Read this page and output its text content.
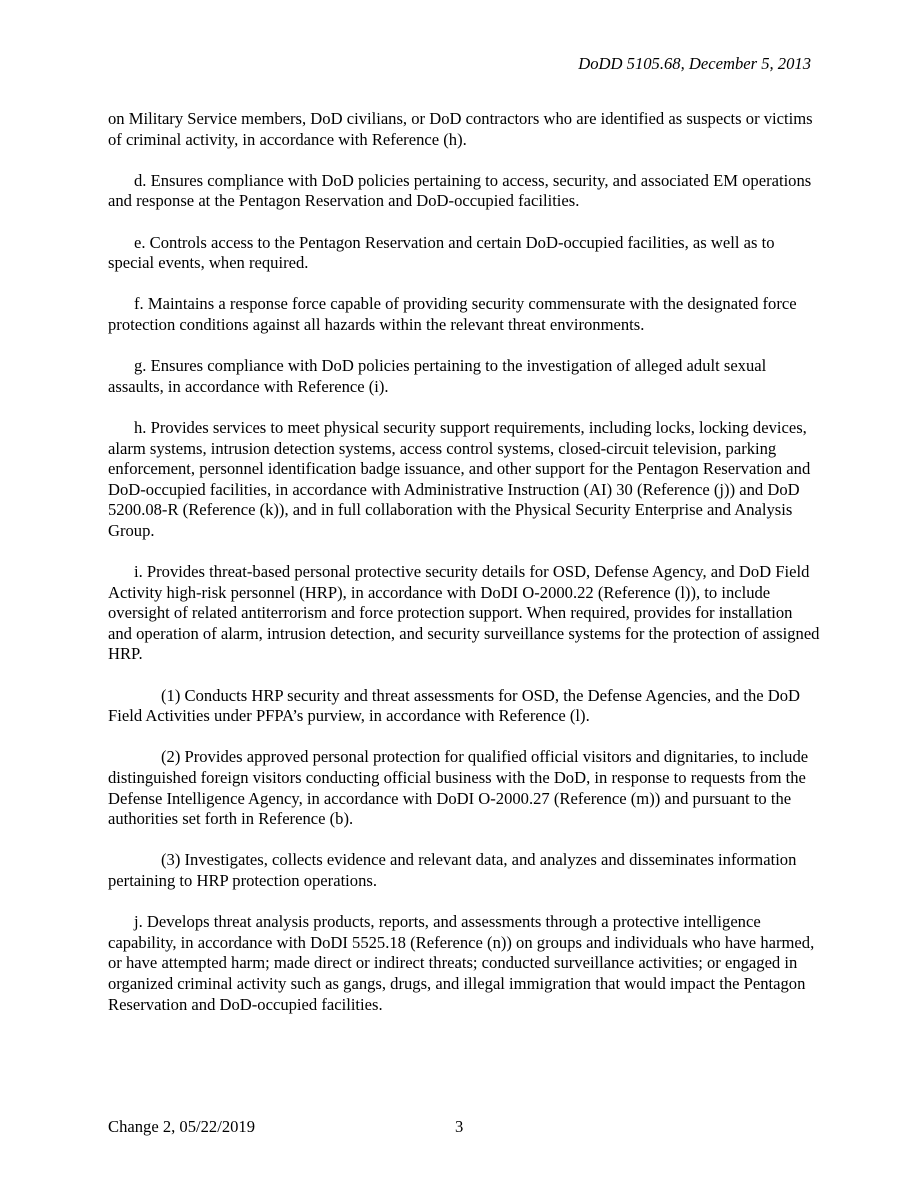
DoDD 5105.68, December 5, 2013

on Military Service members, DoD civilians, or DoD contractors who are identified as suspects or victims of criminal activity, in accordance with Reference (h).

d. Ensures compliance with DoD policies pertaining to access, security, and associated EM operations and response at the Pentagon Reservation and DoD-occupied facilities.

e. Controls access to the Pentagon Reservation and certain DoD-occupied facilities, as well as to special events, when required.

f. Maintains a response force capable of providing security commensurate with the designated force protection conditions against all hazards within the relevant threat environments.

g. Ensures compliance with DoD policies pertaining to the investigation of alleged adult sexual assaults, in accordance with Reference (i).

h. Provides services to meet physical security support requirements, including locks, locking devices, alarm systems, intrusion detection systems, access control systems, closed-circuit television, parking enforcement, personnel identification badge issuance, and other support for the Pentagon Reservation and DoD-occupied facilities, in accordance with Administrative Instruction (AI) 30 (Reference (j)) and DoD 5200.08-R (Reference (k)), and in full collaboration with the Physical Security Enterprise and Analysis Group.

i. Provides threat-based personal protective security details for OSD, Defense Agency, and DoD Field Activity high-risk personnel (HRP), in accordance with DoDI O-2000.22 (Reference (l)), to include oversight of related antiterrorism and force protection support. When required, provides for installation and operation of alarm, intrusion detection, and security surveillance systems for the protection of assigned HRP.

(1) Conducts HRP security and threat assessments for OSD, the Defense Agencies, and the DoD Field Activities under PFPA’s purview, in accordance with Reference (l).

(2) Provides approved personal protection for qualified official visitors and dignitaries, to include distinguished foreign visitors conducting official business with the DoD, in response to requests from the Defense Intelligence Agency, in accordance with DoDI O-2000.27 (Reference (m)) and pursuant to the authorities set forth in Reference (b).

(3) Investigates, collects evidence and relevant data, and analyzes and disseminates information pertaining to HRP protection operations.

j. Develops threat analysis products, reports, and assessments through a protective intelligence capability, in accordance with DoDI 5525.18 (Reference (n)) on groups and individuals who have harmed, or have attempted harm; made direct or indirect threats; conducted surveillance activities; or engaged in organized criminal activity such as gangs, drugs, and illegal immigration that would impact the Pentagon Reservation and DoD-occupied facilities.

Change 2, 05/22/2019	3
